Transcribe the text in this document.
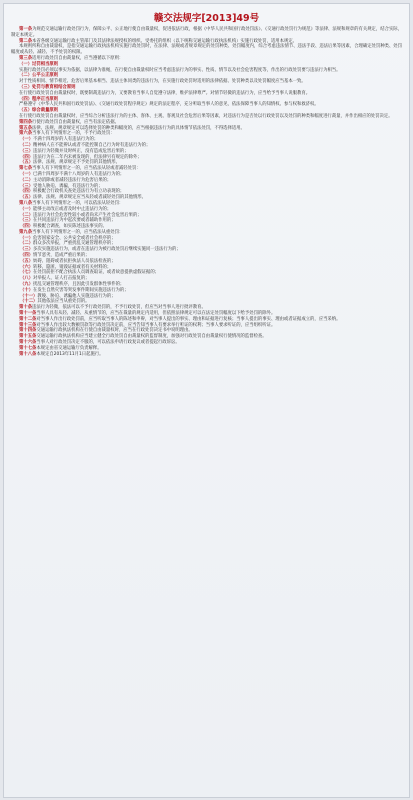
赣交法规字[2013]49号
第一条为规范交通运输行政处罚行为，保障公平、公正地行使自由裁量权，促进依法行政，根据《中华人民共和国行政处罚法》、《交通行政处罚行为规范》等法律、法规和规章的有关规定，结合实际，制定本规定。
第二条本省各级交通运输行政主管部门及其法律法规授权的组织、受委托的组织（以下统称交通运输行政执法机构）实施行政处罚，适用本规定。
本规则所称自由裁量权，是指交通运输行政执法机构实施行政处罚时，在法律、法规或者规章规定的处罚种类、处罚幅度内，综合考虑违法情节、违法手段、违法后果等因素，合理确定处罚种类、处罚幅度或从轻、减轻、不予处罚的权限。
第三条适用行政处罚自由裁量权，应当遵循以下原则：
（一）过罚相当原则
实施行政处罚必须以事实为依据，以法律为准绳，在行使自由裁量权时应当考虑违法行为的事实、性质、情节以及社会危害程度等，作出的行政处罚要与违法行为相当。
（二）公平公正原则
对于性质相同、情节相近、危害后果基本相当、违法主体同类的违法行为，在实施行政处罚时适用的法律依据、处罚种类以及处罚幅度应当基本一致。
（三）处罚与教育相结合原则
在行使行政处罚自由裁量权时，既要制裁违法行为，又要教育当事人自觉遵守法律，维护法律尊严。对情节轻微的违法行为，应当给予当事人说服教育。
（四）程序正当原则
严格遵守《中华人民共和国行政处罚法》、《交通行政处罚程序规定》规定的法定程序，充分听取当事人的意见，依法保障当事人的知情权、参与权和救济权。
（五）综合裁量原则
在行使行政处罚自由裁量权时，应当综合分析违法行为的主体、客体、主观、客观及社会危害后果等因素，对违法行为是否处以行政处罚以及处罚的种类和幅度进行裁量，并作出相应的处罚决定。
第四条行使行政处罚自由裁量权，应当有法定依据。
第五条法律、法规、规章规定可以选择处罚的种类和幅度的，应当根据违法行为的具体情节依法处罚，不得选择适用。
第六条当事人有下列情形之一的，不予行政处罚：
（一）不满十四周岁的人有违法行为的；
（二）精神病人在不能辨认或者不能控制自己行为时有违法行为的；
（三）违法行为轻微并及时纠正，没有造成危害后果的；
（四）违法行为在二年内未被发现的，但法律另有规定的除外；
（五）法律、法规、规章规定不予处罚的其他情形。
第七条当事人有下列情形之一的，应当依法从轻或者减轻处罚：
（一）已满十四周岁不满十八周岁的人有违法行为的；
（二）主动消除或者减轻违法行为危害后果的；
（三）受他人胁迫、诱骗，有违法行为的；
（四）积极配合行政机关查处违法行为有立功表现的；
（五）法律、法规、规章规定应当从轻或者减轻处罚的其他情形。
第八条当事人有下列情形之一的，可以依法从轻处罚：
（一）能够主动改正或者及时中止违法行为的；
（二）违法行为社会危害性较小或者尚未产生社会危害后果的；
（三）在共同违法行为中起次要或者辅助作用的；
（四）积极配合调查，如实陈述违法事实的。
第九条当事人有下列情形之一的，应当依法从重处罚：
（一）危害国家安全、公共安全或者社会秩序的；
（二）群众多次举报，严重扰乱交通管理秩序的；
（三）多次实施违法行为，或者在违法行为被行政处罚后继续实施同一违法行为的；
（四）情节恶劣，造成严重后果的；
（五）妨碍、阻碍或者抗拒执法人员依法检查的；
（六）转移、隐匿、销毁证据或者有关材料的；
（七）在处罚前拒不配合执法人员调查取证，或者故意提供虚假证据的；
（八）对举报人、证人打击报复的；
（九）扰乱交通管理秩序，且因此引发群体性事件的；
（十）在发生自然灾害等突发事件期间实施违法行为的；
（十一）教唆、胁迫、诱骗他人实施违法行为的；
（十二）其他依法应当从重处罚的。
第十条违法行为轻微，依法可以不予行政处罚的，不予行政处罚，但应当对当事人进行批评教育。
第十一条当事人具有从轻、减轻、从重情节的，应当在裁量的规定内适用，但依照法律规定可以在法定处罚幅度以下给予处罚的除外。
第十二条对当事人作出行政处罚前，应当听取当事人的陈述和申辩，对当事人提出的事实、理由和证据进行复核；当事人提出的事实、理由或者证据成立的，应当采纳。
第十三条对当事人作出较大数额罚款等行政处罚决定前，应当告知当事人有要求举行听证的权利；当事人要求听证的，应当组织听证。
第十四条交通运输行政执法机构在行使自由裁量权时，应当在行政处罚决定书中说明理由。
第十五条交通运输行政执法机构应当建立健全行政处罚自由裁量权的监督制度，加强对行政处罚自由裁量权行使情况的监督检查。
第十六条当事人对行政处罚决定不服的，可以依法申请行政复议或者提起行政诉讼。
第十七条本规定由省交通运输厅负责解释。
第十八条本规定自2013年11月1日起施行。
